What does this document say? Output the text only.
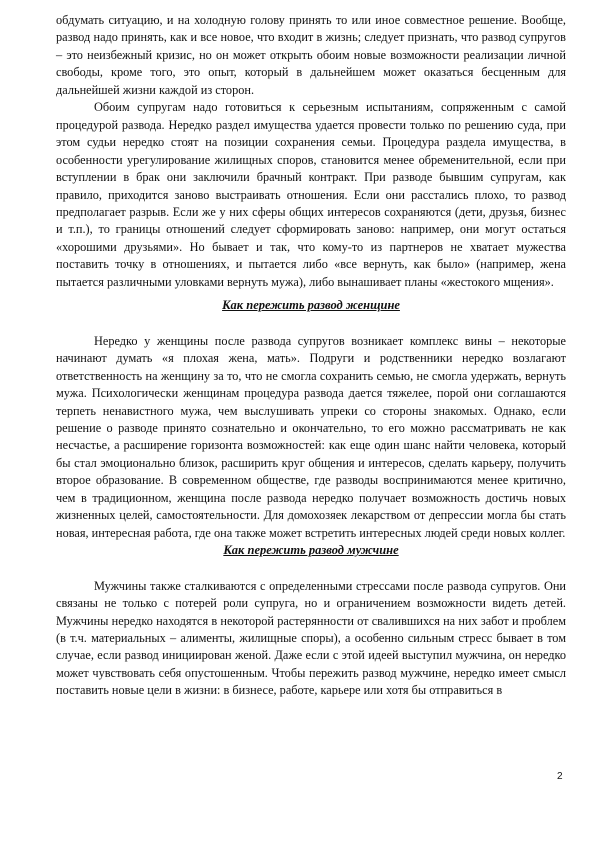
обдумать ситуацию, и на холодную голову принять то или иное совместное решение. Вообще, развод надо принять, как и все новое, что входит в жизнь; следует признать, что развод супругов – это неизбежный кризис, но он может открыть обоим новые возможности реализации личной свободы, кроме того, это опыт, который в дальнейшем может оказаться бесценным для дальнейшей жизни каждой из сторон.

Обоим супругам надо готовиться к серьезным испытаниям, сопряженным с самой процедурой развода. Нередко раздел имущества удается провести только по решению суда, при этом судьи нередко стоят на позиции сохранения семьи. Процедура раздела имущества, в особенности урегулирование жилищных споров, становится менее обременительной, если при вступлении в брак они заключили брачный контракт. При разводе бывшим супругам, как правило, приходится заново выстраивать отношения. Если они расстались плохо, то развод предполагает разрыв. Если же у них сферы общих интересов сохраняются (дети, друзья, бизнес и т.п.), то границы отношений следует сформировать заново: например, они могут остаться «хорошими друзьями». Но бывает и так, что кому-то из партнеров не хватает мужества поставить точку в отношениях, и пытается либо «все вернуть, как было» (например, жена пытается различными уловками вернуть мужа), либо вынашивает планы «жестокого мщения».

Как пережить развод женщине

Нередко у женщины после развода супругов возникает комплекс вины – некоторые начинают думать «я плохая жена, мать». Подруги и родственники нередко возлагают ответственность на женщину за то, что не смогла сохранить семью, не смогла удержать, вернуть мужа. Психологически женщинам процедура развода дается тяжелее, порой они соглашаются терпеть ненавистного мужа, чем выслушивать упреки со стороны знакомых. Однако, если решение о разводе принято сознательно и окончательно, то его можно рассматривать не как несчастье, а расширение горизонта возможностей: как еще один шанс найти человека, который бы стал эмоционально близок, расширить круг общения и интересов, сделать карьеру, получить второе образование. В современном обществе, где разводы воспринимаются менее критично, чем в традиционном, женщина после развода нередко получает возможность достичь новых жизненных целей, самостоятельности. Для домохозяек лекарством от депрессии могла бы стать новая, интересная работа, где она также может встретить интересных людей среди новых коллег.

Как пережить развод мужчине

Мужчины также сталкиваются с определенными стрессами после развода супругов. Они связаны не только с потерей роли супруга, но и ограничением возможности видеть детей. Мужчины нередко находятся в некоторой растерянности от свалившихся на них забот и проблем (в т.ч. материальных – алименты, жилищные споры), а особенно сильным стресс бывает в том случае, если развод инициирован женой. Даже если с этой идеей выступил мужчина, он нередко может чувствовать себя опустошенным. Чтобы пережить развод мужчине, нередко имеет смысл поставить новые цели в жизни: в бизнесе, работе, карьере или хотя бы отправиться в

2
